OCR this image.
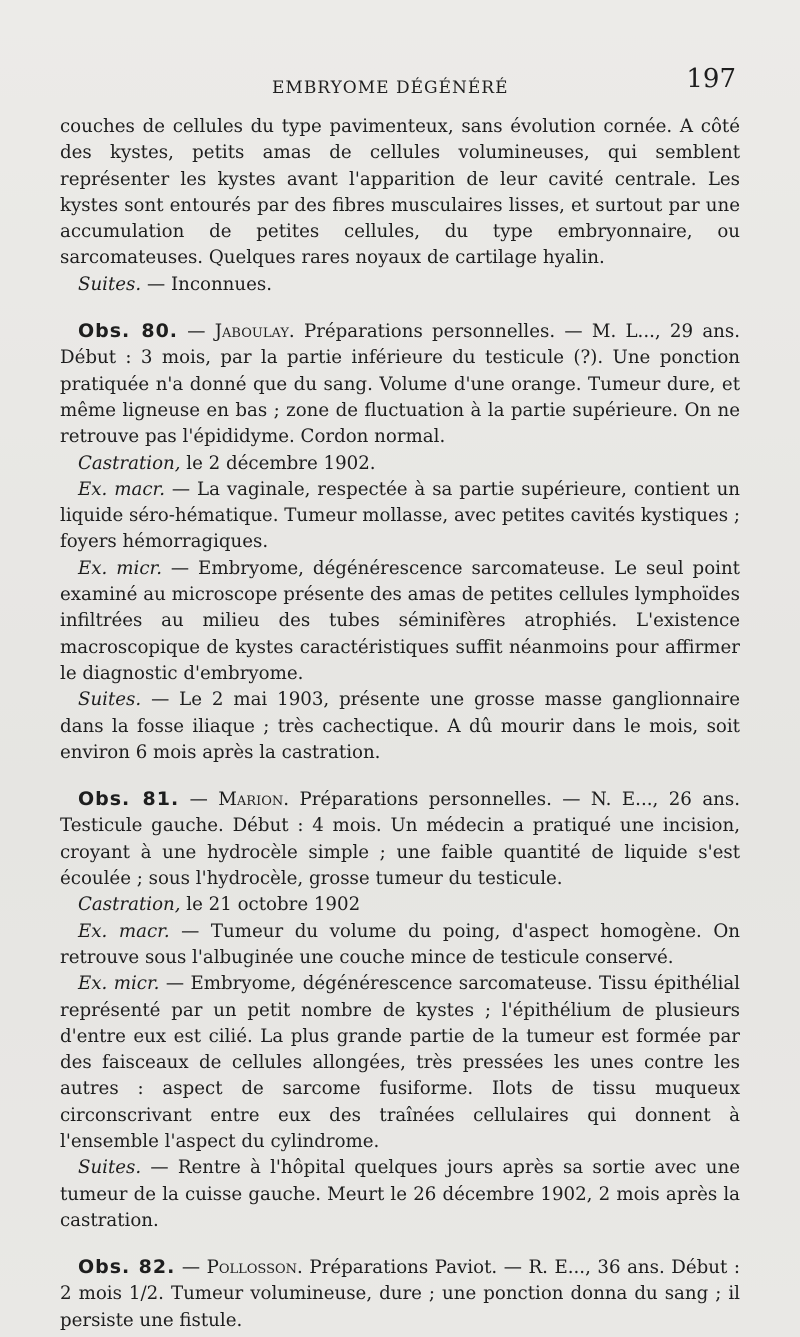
EMBRYOME DÉGÉNÉRÉ	197

couches de cellules du type pavimenteux, sans évolution cornée. A côté des kystes, petits amas de cellules volumineuses, qui semblent représenter les kystes avant l'apparition de leur cavité centrale. Les kystes sont entourés par des fibres musculaires lisses, et surtout par une accumulation de petites cellules, du type embryonnaire, ou sarcomateuses. Quelques rares noyaux de cartilage hyalin.

Suites. — Inconnues.

Obs. 80. — Jaboulay. Préparations personnelles. — M. L..., 29 ans. Début : 3 mois, par la partie inférieure du testicule (?). Une ponction pratiquée n'a donné que du sang. Volume d'une orange. Tumeur dure, et même ligneuse en bas ; zone de fluctuation à la partie supérieure. On ne retrouve pas l'épididyme. Cordon normal.

Castration, le 2 décembre 1902.

Ex. macr. — La vaginale, respectée à sa partie supérieure, contient un liquide séro-hématique. Tumeur mollasse, avec petites cavités kystiques ; foyers hémorragiques.

Ex. micr. — Embryome, dégénérescence sarcomateuse. Le seul point examiné au microscope présente des amas de petites cellules lymphoïdes infiltrées au milieu des tubes séminifères atrophiés. L'existence macroscopique de kystes caractéristiques suffit néanmoins pour affirmer le diagnostic d'embryome.

Suites. — Le 2 mai 1903, présente une grosse masse ganglionnaire dans la fosse iliaque ; très cachectique. A dû mourir dans le mois, soit environ 6 mois après la castration.

Obs. 81. — Marion. Préparations personnelles. — N. E..., 26 ans. Testicule gauche. Début : 4 mois. Un médecin a pratiqué une incision, croyant à une hydrocèle simple ; une faible quantité de liquide s'est écoulée ; sous l'hydrocèle, grosse tumeur du testicule.

Castration, le 21 octobre 1902

Ex. macr. — Tumeur du volume du poing, d'aspect homogène. On retrouve sous l'albuginée une couche mince de testicule conservé.

Ex. micr. — Embryome, dégénérescence sarcomateuse. Tissu épithélial représenté par un petit nombre de kystes ; l'épithélium de plusieurs d'entre eux est cilié. La plus grande partie de la tumeur est formée par des faisceaux de cellules allongées, très pressées les unes contre les autres : aspect de sarcome fusiforme. Ilots de tissu muqueux circonscrivant entre eux des traînées cellulaires qui donnent à l'ensemble l'aspect du cylindrome.

Suites. — Rentre à l'hôpital quelques jours après sa sortie avec une tumeur de la cuisse gauche. Meurt le 26 décembre 1902, 2 mois après la castration.

Obs. 82. — Pollosson. Préparations Paviot. — R. E..., 36 ans. Début : 2 mois 1/2. Tumeur volumineuse, dure ; une ponction donna du sang ; il persiste une fistule.
